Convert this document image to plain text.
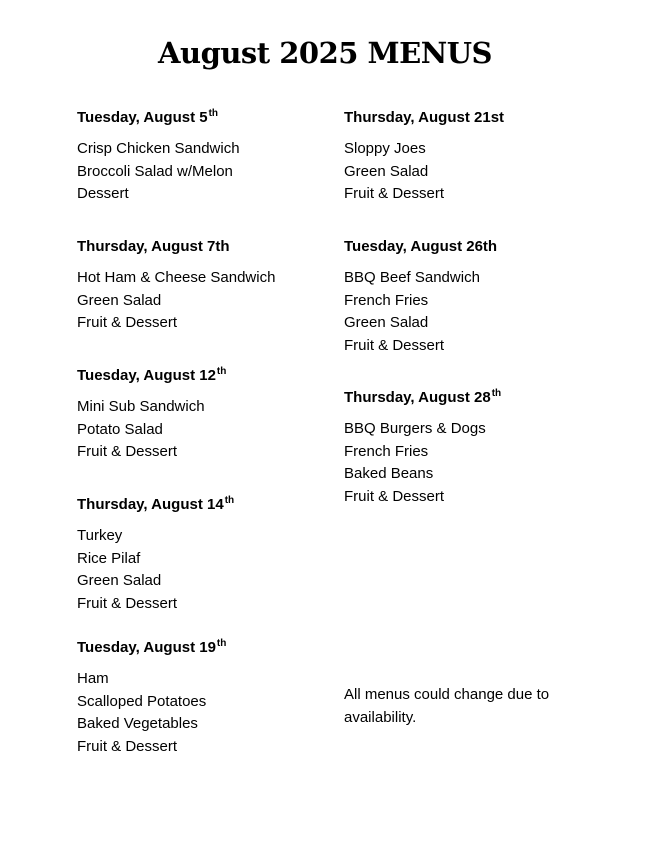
August 2025 MENUS
Tuesday, August 5th
Crisp Chicken Sandwich
Broccoli Salad w/Melon
Dessert
Thursday, August 7th
Hot Ham & Cheese Sandwich
Green Salad
Fruit & Dessert
Tuesday, August 12th
Mini Sub Sandwich
Potato Salad
Fruit & Dessert
Thursday, August 14th
Turkey
Rice Pilaf
Green Salad
Fruit & Dessert
Tuesday, August 19th
Ham
Scalloped Potatoes
Baked Vegetables
Fruit & Dessert
Thursday, August 21st
Sloppy Joes
Green Salad
Fruit & Dessert
Tuesday, August 26th
BBQ Beef Sandwich
French Fries
Green Salad
Fruit & Dessert
Thursday, August 28th
BBQ Burgers & Dogs
French Fries
Baked Beans
Fruit & Dessert

All menus could change due to availability.
